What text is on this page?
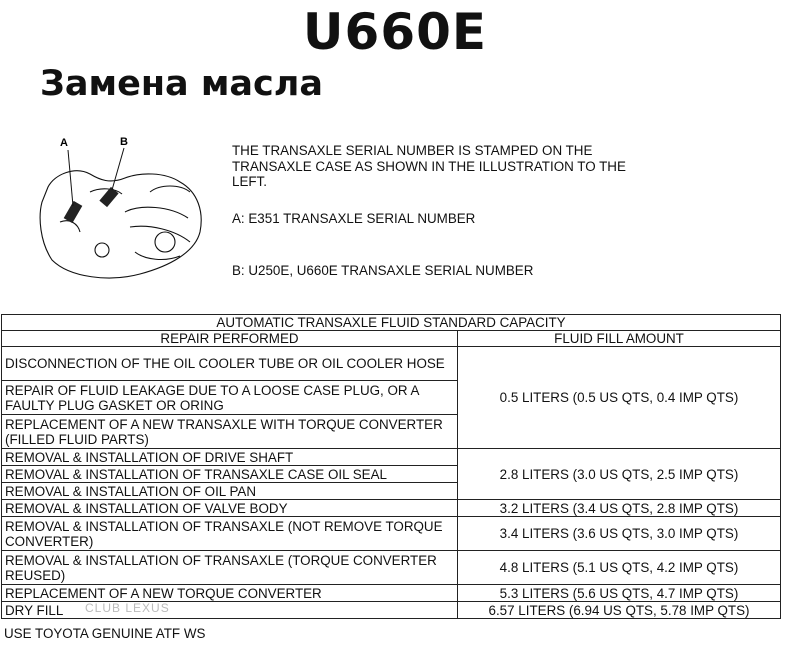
U660E
Замена масла
A	B

THE TRANSAXLE SERIAL NUMBER IS STAMPED ON THE TRANSAXLE CASE AS SHOWN IN THE ILLUSTRATION TO THE LEFT.

A: E351 TRANSAXLE SERIAL NUMBER

B: U250E, U660E TRANSAXLE SERIAL NUMBER

AUTOMATIC TRANSAXLE FLUID STANDARD CAPACITY	
REPAIR PERFORMED	FLUID FILL AMOUNT
DISCONNECTION OF THE OIL COOLER TUBE OR OIL COOLER HOSE	0.5 LITERS (0.5 US QTS, 0.4 IMP QTS)
REPAIR OF FLUID LEAKAGE DUE TO A LOOSE CASE PLUG, OR A FAULTY PLUG GASKET OR ORING	
REPLACEMENT OF A NEW TRANSAXLE WITH TORQUE CONVERTER (FILLED FLUID PARTS)	
REMOVAL & INSTALLATION OF DRIVE SHAFT	2.8 LITERS (3.0 US QTS, 2.5 IMP QTS)
REMOVAL & INSTALLATION OF TRANSAXLE CASE OIL SEAL	
REMOVAL & INSTALLATION OF OIL PAN	
REMOVAL & INSTALLATION OF VALVE BODY	3.2 LITERS (3.4 US QTS, 2.8 IMP QTS)
REMOVAL & INSTALLATION OF TRANSAXLE (NOT REMOVE TORQUE CONVERTER)	3.4 LITERS (3.6 US QTS, 3.0 IMP QTS)
REMOVAL & INSTALLATION OF TRANSAXLE (TORQUE CONVERTER REUSED)	4.8 LITERS (5.1 US QTS, 4.2 IMP QTS)
REPLACEMENT OF A NEW TORQUE CONVERTER	5.3 LITERS (5.6 US QTS, 4.7 IMP QTS)
DRY FILL	6.57 LITERS (6.94 US QTS, 5.78 IMP QTS)
CLUB LEXUS
USE TOYOTA GENUINE ATF WS
